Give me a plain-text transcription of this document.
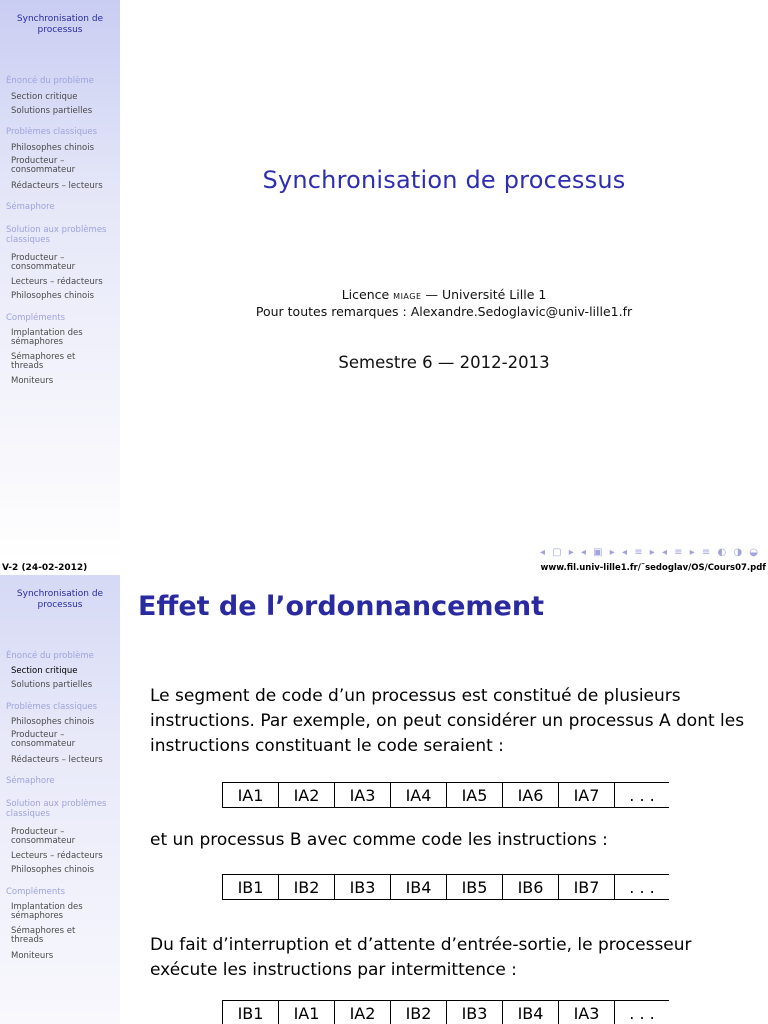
Synchronisation de processus
Énoncé du problème
Section critique
Solutions partielles
Problèmes classiques
Philosophes chinois
Producteur – consommateur
Rédacteurs – lecteurs
Sémaphore
Solution aux problèmes classiques
Producteur – consommateur
Lecteurs – rédacteurs
Philosophes chinois
Compléments
Implantation des sémaphores
Sémaphores et threads
Moniteurs
Synchronisation de processus
Licence miage — Université Lille 1
Pour toutes remarques : Alexandre.Sedoglavic@univ-lille1.fr
Semestre 6 — 2012-2013
◂ ▢ ▸ ◂ ▣ ▸ ◂ ≡ ▸ ◂ ≡ ▸ ≡ ◐ ◑ ◒
V-2 (24-02-2012)	www.fil.univ-lille1.fr/˜sedoglav/OS/Cours07.pdf
Synchronisation de processus
Énoncé du problème
Section critique
Solutions partielles
Problèmes classiques
Philosophes chinois
Producteur – consommateur
Rédacteurs – lecteurs
Sémaphore
Solution aux problèmes classiques
Producteur – consommateur
Lecteurs – rédacteurs
Philosophes chinois
Compléments
Implantation des sémaphores
Sémaphores et threads
Moniteurs
Effet de l’ordonnancement
Le segment de code d’un processus est constitué de plusieurs instructions. Par exemple, on peut considérer un processus A dont les instructions constituant le code seraient :
IA1	IA2	IA3	IA4	IA5	IA6	IA7	. . .
et un processus B avec comme code les instructions :
IB1	IB2	IB3	IB4	IB5	IB6	IB7	. . .
Du fait d’interruption et d’attente d’entrée-sortie, le processeur exécute les instructions par intermittence :
IB1	IA1	IA2	IB2	IB3	IB4	IA3	. . .
